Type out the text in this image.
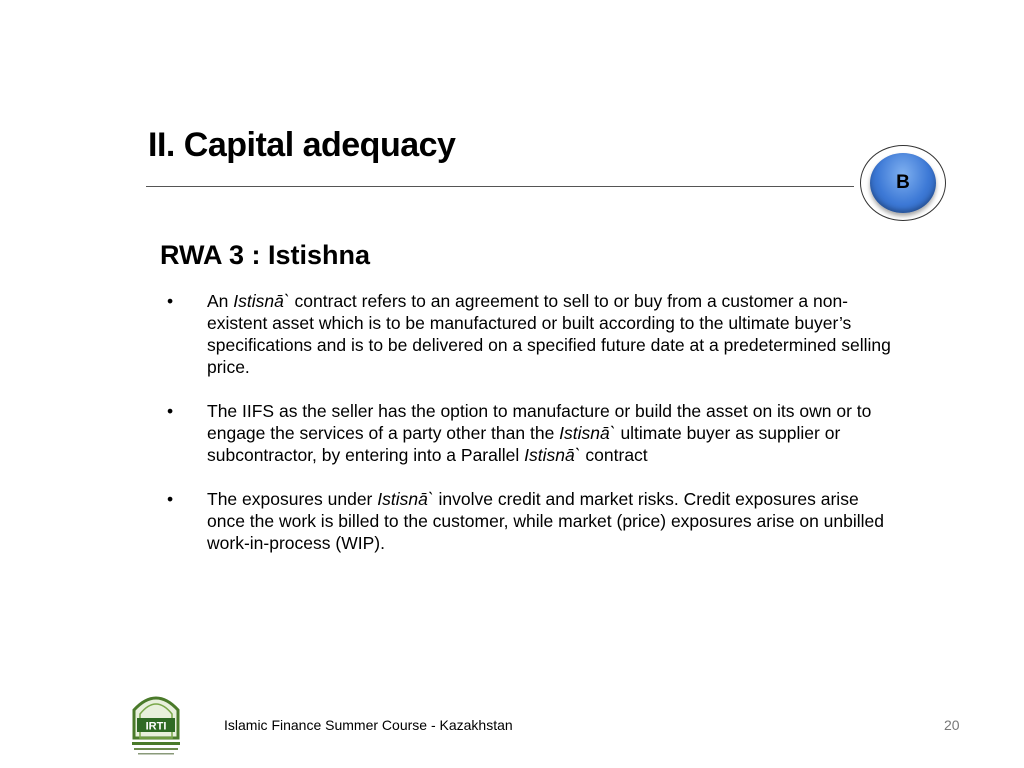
II. Capital adequacy
B
RWA 3 : Istishna
• An Istisnā` contract refers to an agreement to sell to or buy from a customer a non-existent asset which is to be manufactured or built according to the ultimate buyer’s specifications and is to be delivered on a specified future date at a predetermined selling price.
• The IIFS as the seller has the option to manufacture or build the asset on its own or to engage the services of a party other than the Istisnā` ultimate buyer as supplier or subcontractor, by entering into a Parallel Istisnā` contract
• The exposures under Istisnā` involve credit and market risks. Credit exposures arise once the work is billed to the customer, while market (price) exposures arise on unbilled work-in-process (WIP).
IRTI	Islamic Finance Summer Course - Kazakhstan	20
